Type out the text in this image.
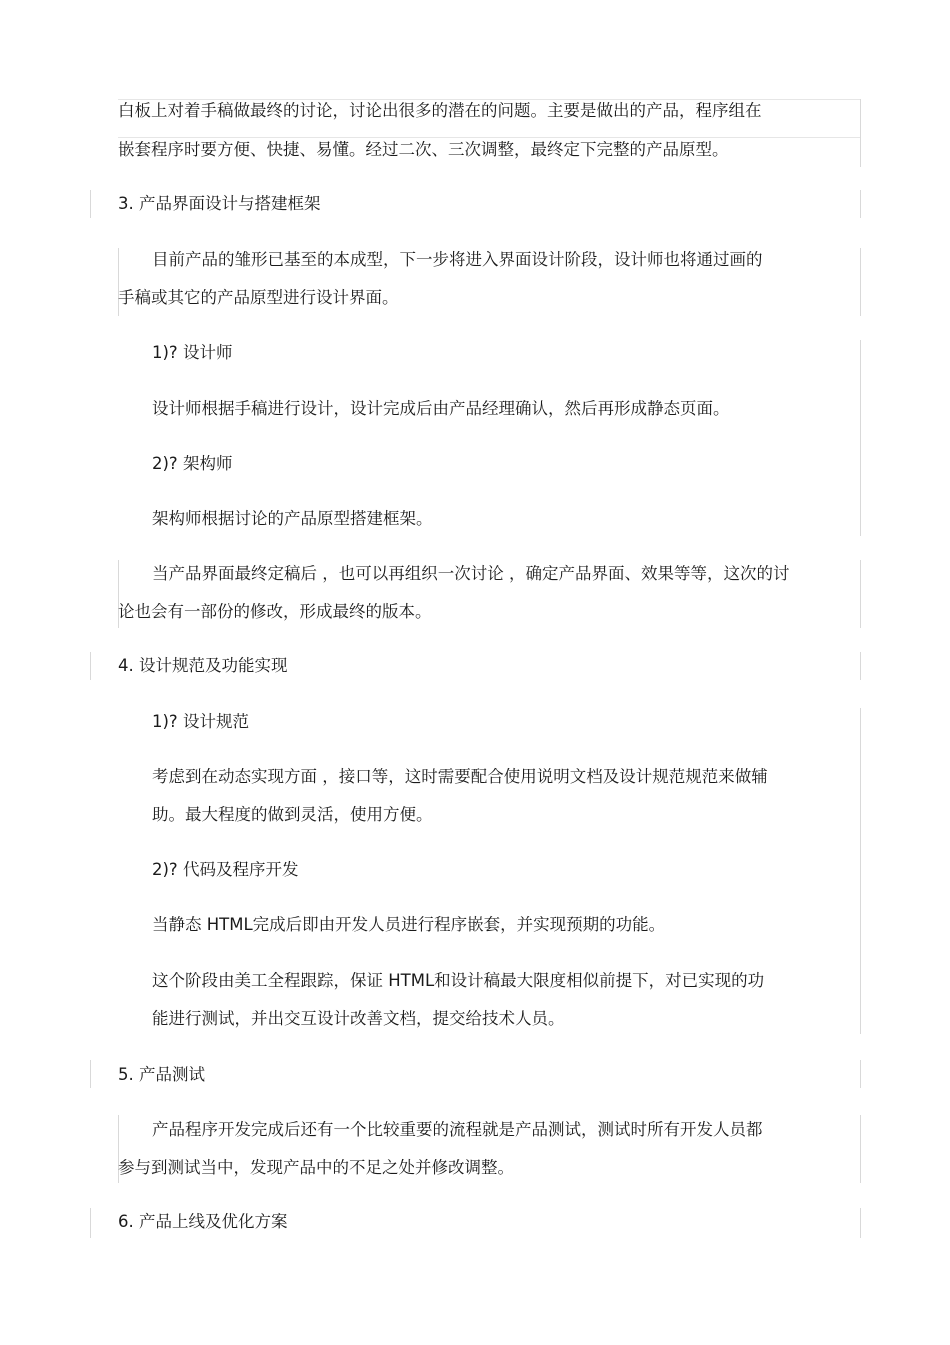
白板上对着手稿做最终的讨论，讨论出很多的潜在的问题。主要是做出的产品，程序组在
嵌套程序时要方便、快捷、易懂。经过二次、三次调整，最终定下完整的产品原型。
3. 产品界面设计与搭建框架
目前产品的雏形已基至的本成型，下一步将进入界面设计阶段，设计师也将通过画的
手稿或其它的产品原型进行设计界面。
1)? 设计师
设计师根据手稿进行设计，设计完成后由产品经理确认，然后再形成静态页面。
2)? 架构师
架构师根据讨论的产品原型搭建框架。
当产品界面最终定稿后 ，也可以再组织一次讨论 ，确定产品界面、效果等等，这次的讨
论也会有一部份的修改，形成最终的版本。
4. 设计规范及功能实现
1)? 设计规范
考虑到在动态实现方面 ，接口等，这时需要配合使用说明文档及设计规范规范来做辅
助。最大程度的做到灵活，使用方便。
2)? 代码及程序开发
当静态 HTML完成后即由开发人员进行程序嵌套，并实现预期的功能。
这个阶段由美工全程跟踪，保证 HTML和设计稿最大限度相似前提下，对已实现的功
能进行测试，并出交互设计改善文档，提交给技术人员。
5. 产品测试
产品程序开发完成后还有一个比较重要的流程就是产品测试，测试时所有开发人员都
参与到测试当中，发现产品中的不足之处并修改调整。
6. 产品上线及优化方案
